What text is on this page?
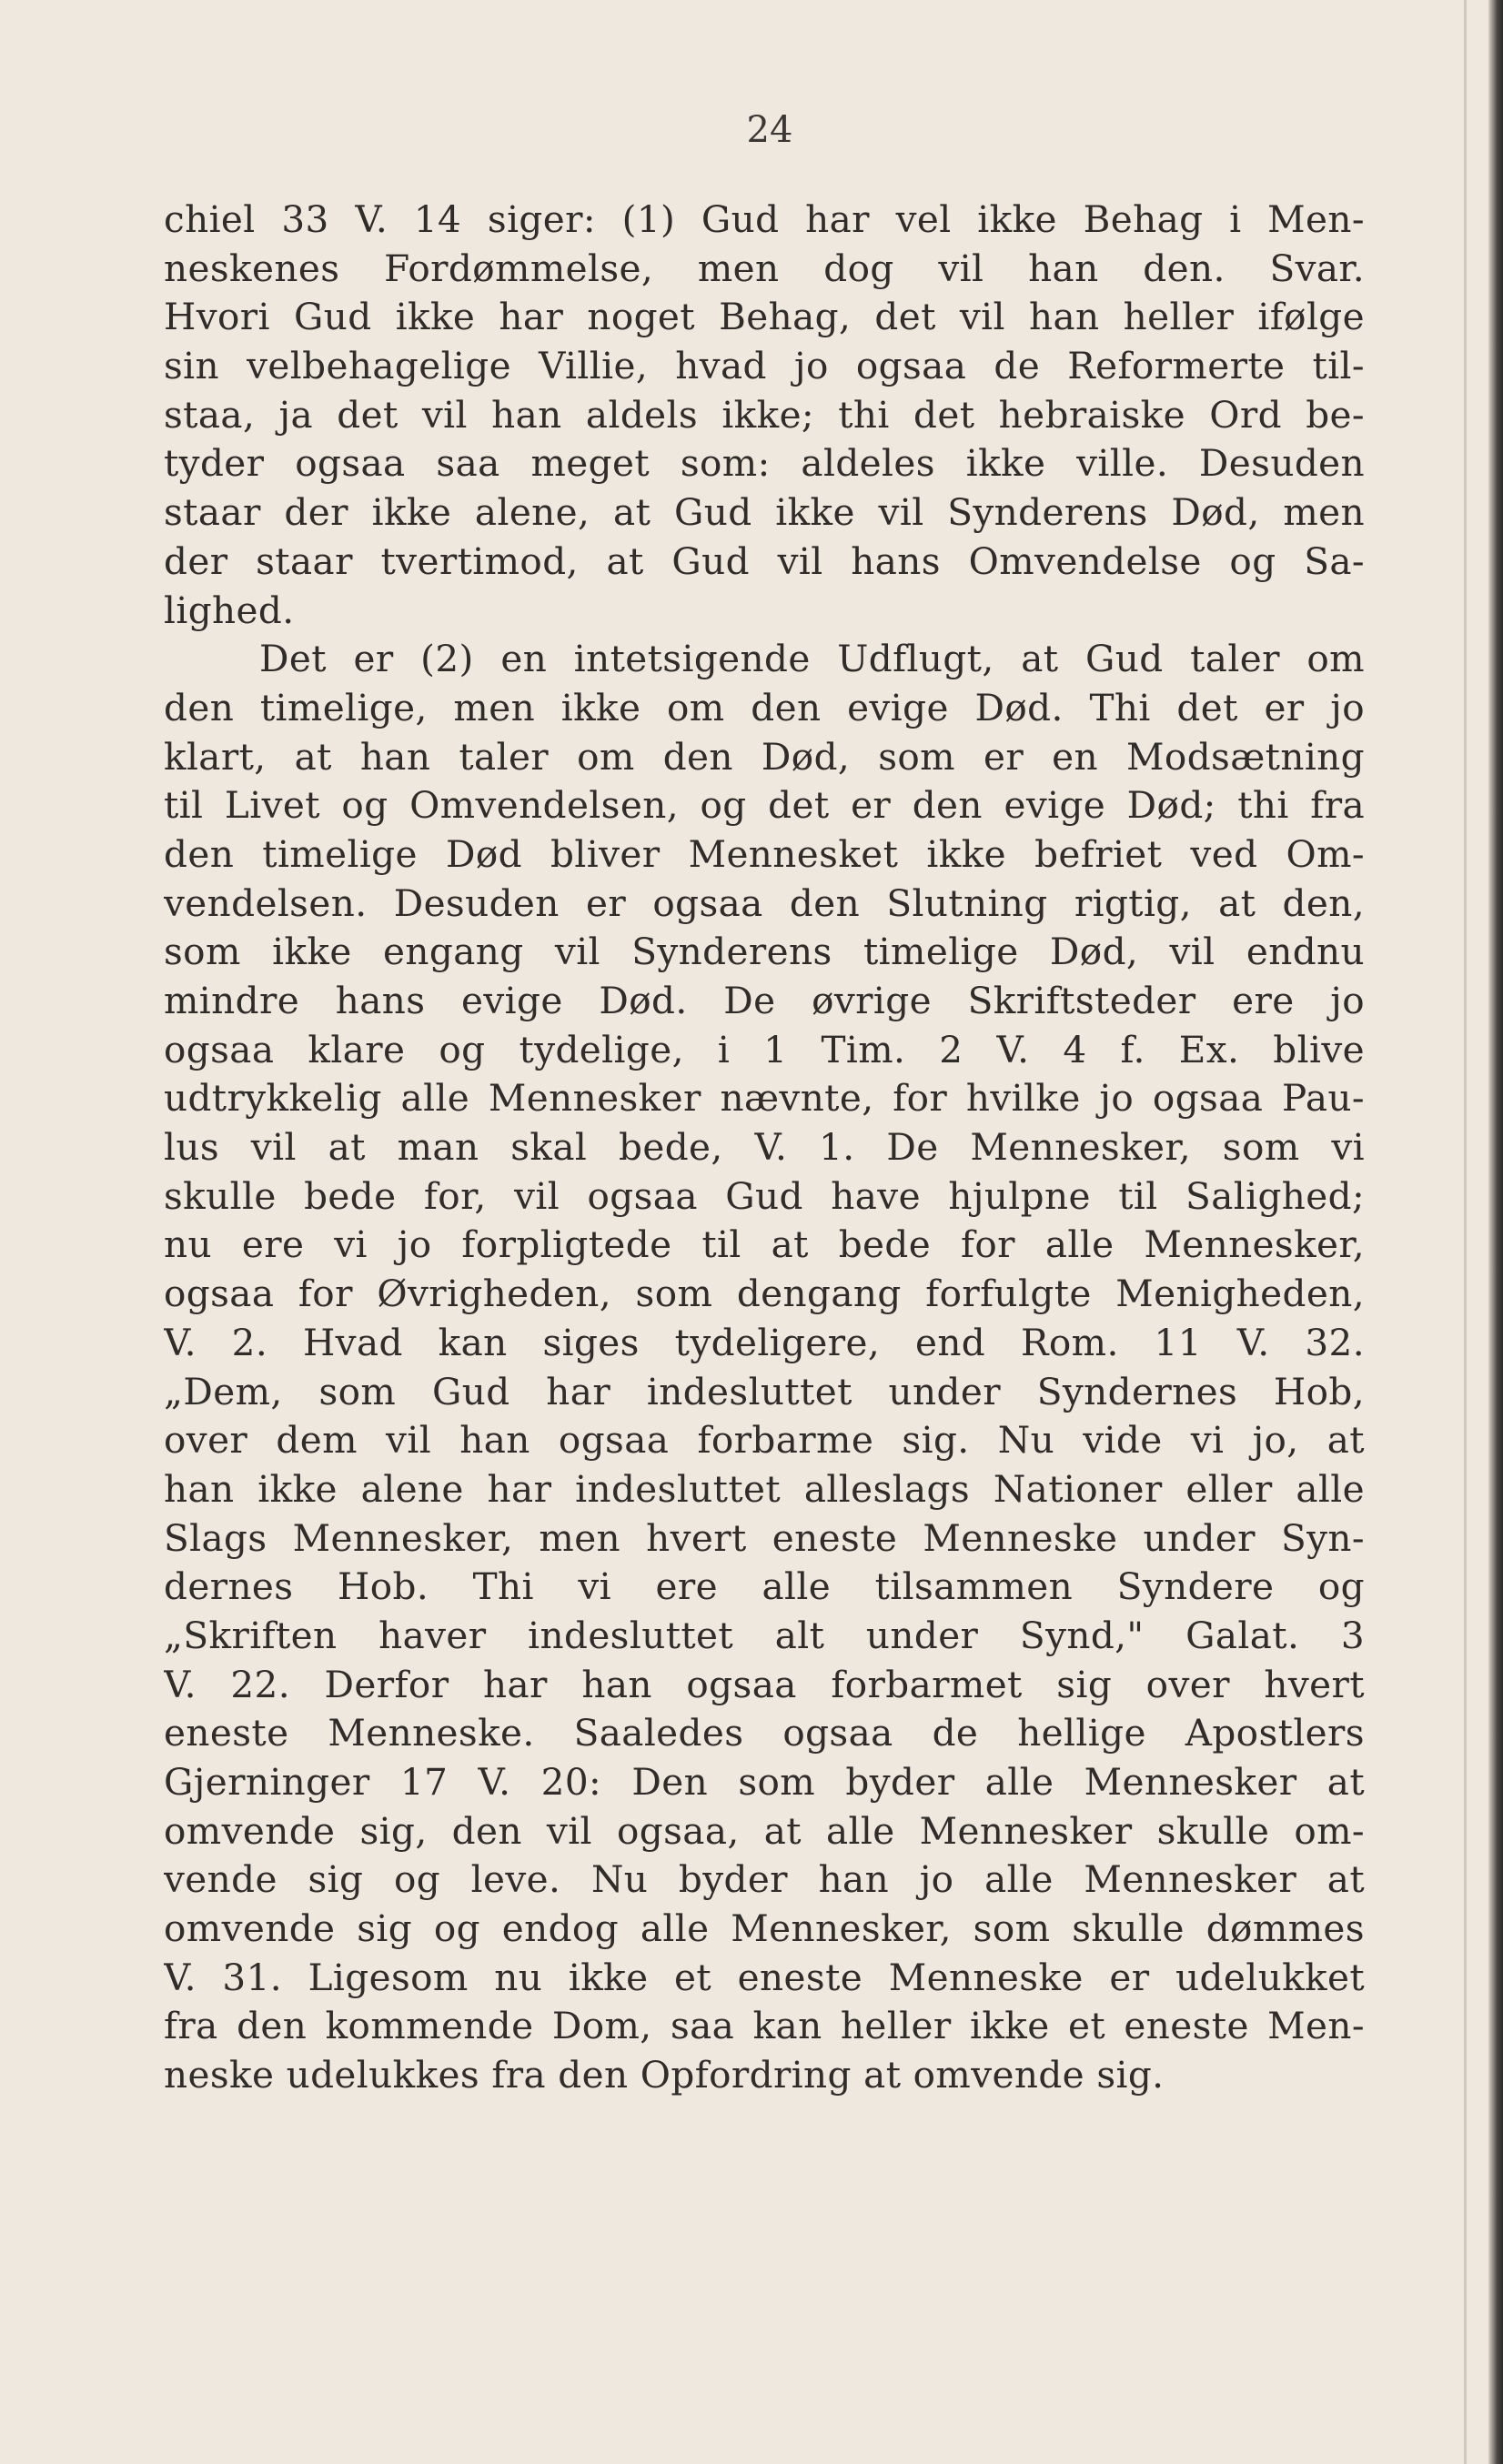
24
chiel 33 V. 14 siger: (1) Gud har vel ikke Behag i Men-
neskenes Fordømmelse, men dog vil han den. Svar.
Hvori Gud ikke har noget Behag, det vil han heller ifølge
sin velbehagelige Villie, hvad jo ogsaa de Reformerte til-
staa, ja det vil han aldels ikke; thi det hebraiske Ord be-
tyder ogsaa saa meget som: aldeles ikke ville. Desuden
staar der ikke alene, at Gud ikke vil Synderens Død, men
der staar tvertimod, at Gud vil hans Omvendelse og Sa-
lighed.
Det er (2) en intetsigende Udflugt, at Gud taler om
den timelige, men ikke om den evige Død. Thi det er jo
klart, at han taler om den Død, som er en Modsætning
til Livet og Omvendelsen, og det er den evige Død; thi fra
den timelige Død bliver Mennesket ikke befriet ved Om-
vendelsen. Desuden er ogsaa den Slutning rigtig, at den,
som ikke engang vil Synderens timelige Død, vil endnu
mindre hans evige Død. De øvrige Skriftsteder ere jo
ogsaa klare og tydelige, i 1 Tim. 2 V. 4 f. Ex. blive
udtrykkelig alle Mennesker nævnte, for hvilke jo ogsaa Pau-
lus vil at man skal bede, V. 1. De Mennesker, som vi
skulle bede for, vil ogsaa Gud have hjulpne til Salighed;
nu ere vi jo forpligtede til at bede for alle Mennesker,
ogsaa for Øvrigheden, som dengang forfulgte Menigheden,
V. 2. Hvad kan siges tydeligere, end Rom. 11 V. 32.
„Dem, som Gud har indesluttet under Syndernes Hob,
over dem vil han ogsaa forbarme sig. Nu vide vi jo, at
han ikke alene har indesluttet alleslags Nationer eller alle
Slags Mennesker, men hvert eneste Menneske under Syn-
dernes Hob. Thi vi ere alle tilsammen Syndere og
„Skriften haver indesluttet alt under Synd," Galat. 3
V. 22. Derfor har han ogsaa forbarmet sig over hvert
eneste Menneske. Saaledes ogsaa de hellige Apostlers
Gjerninger 17 V. 20: Den som byder alle Mennesker at
omvende sig, den vil ogsaa, at alle Mennesker skulle om-
vende sig og leve. Nu byder han jo alle Mennesker at
omvende sig og endog alle Mennesker, som skulle dømmes
V. 31. Ligesom nu ikke et eneste Menneske er udelukket
fra den kommende Dom, saa kan heller ikke et eneste Men-
neske udelukkes fra den Opfordring at omvende sig.
